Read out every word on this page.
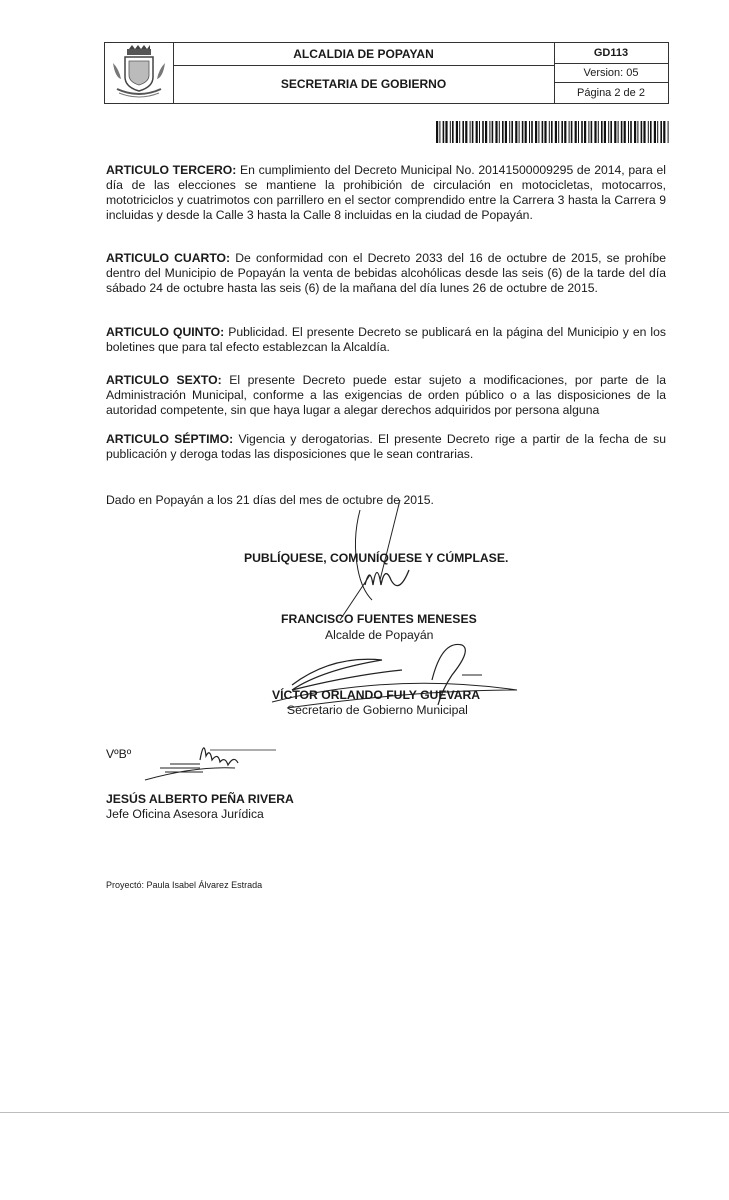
ALCALDIA DE POPAYAN
SECRETARIA DE GOBIERNO
GD113
Version: 05
Página 2 de 2
ARTICULO TERCERO: En cumplimiento del Decreto Municipal No. 20141500009295 de 2014, para el día de las elecciones se mantiene la prohibición de circulación en motocicletas, motocarros, mototriciclos y cuatrimotos con parrillero en el sector comprendido entre la Carrera 3 hasta la Carrera 9 incluidas y desde la Calle 3 hasta la Calle 8 incluidas en la ciudad de Popayán.
ARTICULO CUARTO: De conformidad con el Decreto 2033 del 16 de octubre de 2015, se prohíbe dentro del Municipio de Popayán la venta de bebidas alcohólicas desde las seis (6) de la tarde del día sábado 24 de octubre hasta las seis (6) de la mañana del día lunes 26 de octubre de 2015.
ARTICULO QUINTO: Publicidad. El presente Decreto se publicará en la página del Municipio y en los boletines que para tal efecto establezcan la Alcaldía.
ARTICULO SEXTO: El presente Decreto puede estar sujeto a modificaciones, por parte de la Administración Municipal, conforme a las exigencias de orden público o a las disposiciones de la autoridad competente, sin que haya lugar a alegar derechos adquiridos por persona alguna
ARTICULO SÉPTIMO: Vigencia y derogatorias. El presente Decreto rige a partir de la fecha de su publicación y deroga todas las disposiciones que le sean contrarias.
Dado en Popayán a los 21 días del mes de octubre de 2015.
PUBLÍQUESE, COMUNÍQUESE Y CÚMPLASE.
FRANCISCO FUENTES MENESES
Alcalde de Popayán
VÍCTOR ORLANDO FULY GUEVARA
Secretario de Gobierno Municipal
VºBº
JESÚS ALBERTO PEÑA RIVERA
Jefe Oficina Asesora Jurídica
Proyectó: Paula Isabel Álvarez Estrada
